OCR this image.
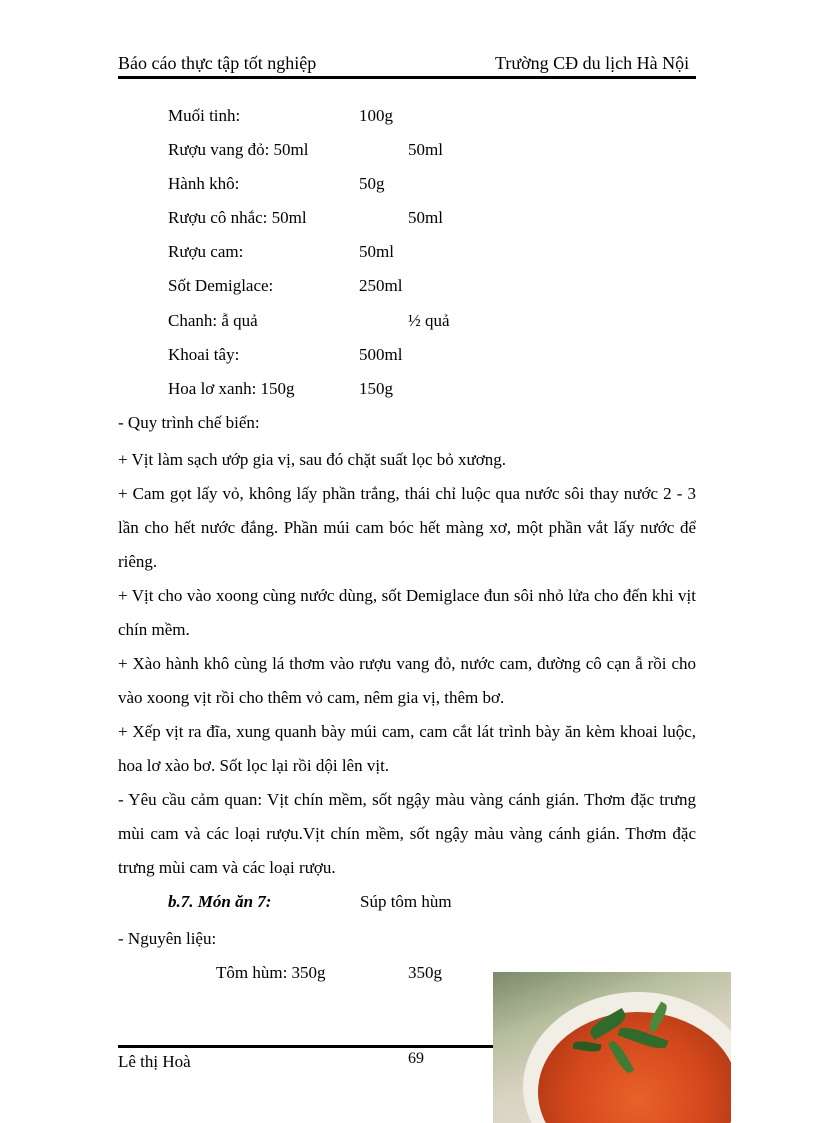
Báo cáo thực tập tốt nghiệp	Trường CĐ du lịch Hà Nội
Muối tinh:	100g
Rượu vang đỏ: 50ml	50ml
Hành khô:	50g
Rượu cô nhắc: 50ml	50ml
Rượu cam:	50ml
Sốt Demiglace:	250ml
Chanh: ẫ quả	½ quả
Khoai tây:	500ml
Hoa lơ xanh: 150g	150g
- Quy trình chế biến:
+ Vịt làm sạch ướp gia vị, sau đó chặt suất lọc bỏ xương.
+ Cam gọt lấy vỏ, không lấy phần trắng, thái chỉ luộc qua nước sôi thay nước 2 - 3 lần cho hết nước đắng. Phần múi cam bóc hết màng xơ, một phần vắt lấy nước để riêng.
+ Vịt cho vào xoong cùng nước dùng, sốt Demiglace đun sôi nhỏ lửa cho đến khi vịt chín mềm.
+ Xào hành khô cùng lá thơm vào rượu vang đỏ, nước cam, đường cô cạn ẫ rồi cho vào xoong vịt rồi cho thêm vỏ cam, nêm gia vị, thêm bơ.
+ Xếp vịt ra đĩa, xung quanh bày múi cam, cam cắt lát trình bày ăn kèm khoai luộc, hoa lơ xào bơ. Sốt lọc lại rồi dội lên vịt.
- Yêu cầu cảm quan: Vịt chín mềm, sốt ngậy màu vàng cánh gián. Thơm đặc trưng mùi cam và các loại rượu.Vịt chín mềm, sốt ngậy màu vàng cánh gián. Thơm đặc trưng mùi cam và các loại rượu.
b.7. Món ăn 7:	Súp tôm hùm
- Nguyên liệu:
Tôm hùm: 350g	350g
Lê thị Hoà	69
